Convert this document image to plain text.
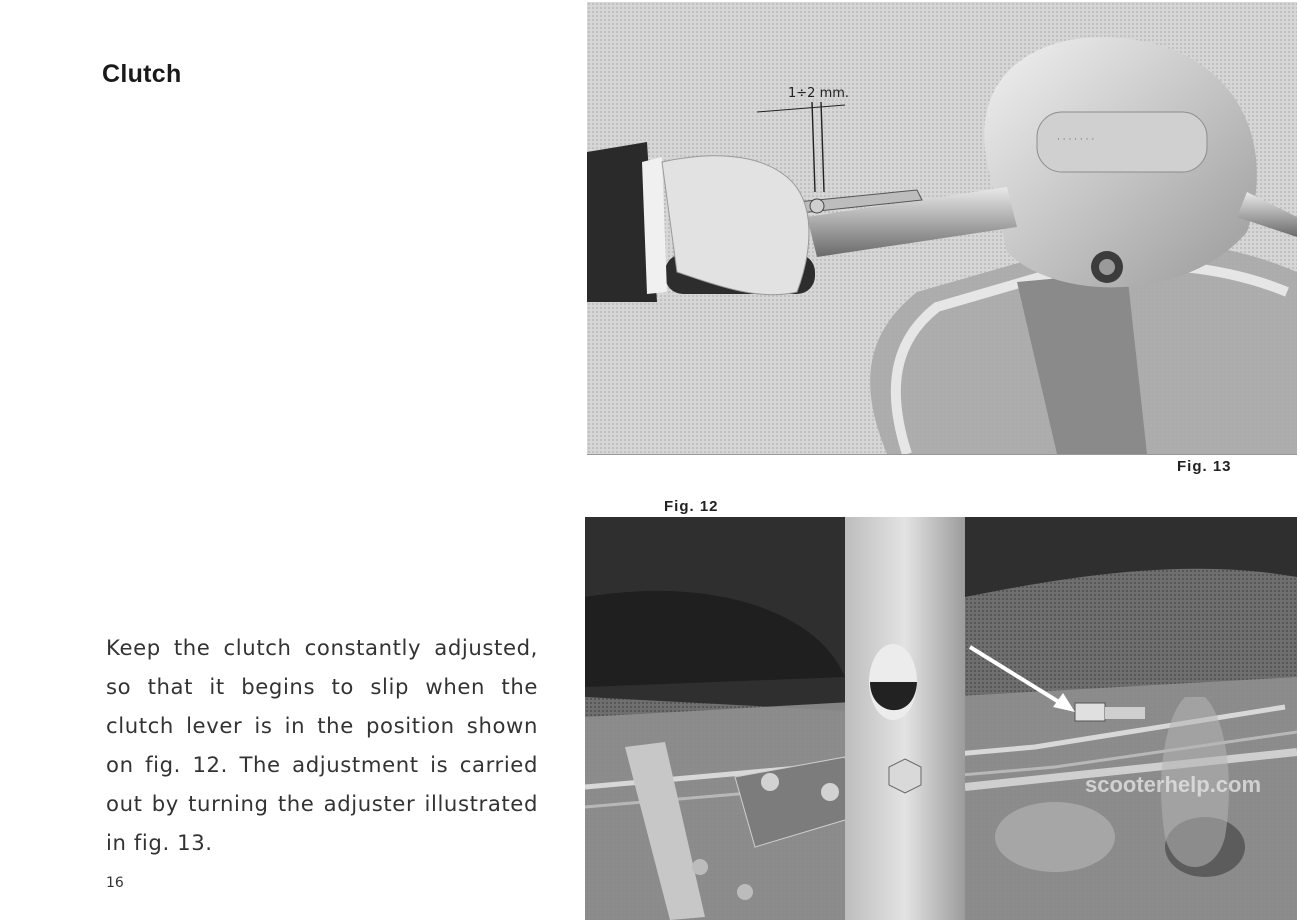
Clutch
· · · · · · ·
1÷2 mm.
Fig. 13
Fig. 12
scooterhelp.com
Keep the clutch constantly adjusted, so that it begins to slip when the clutch lever is in the position shown on fig. 12. The adjustment is carried out by turning the adjuster illustrated in fig. 13.
16
